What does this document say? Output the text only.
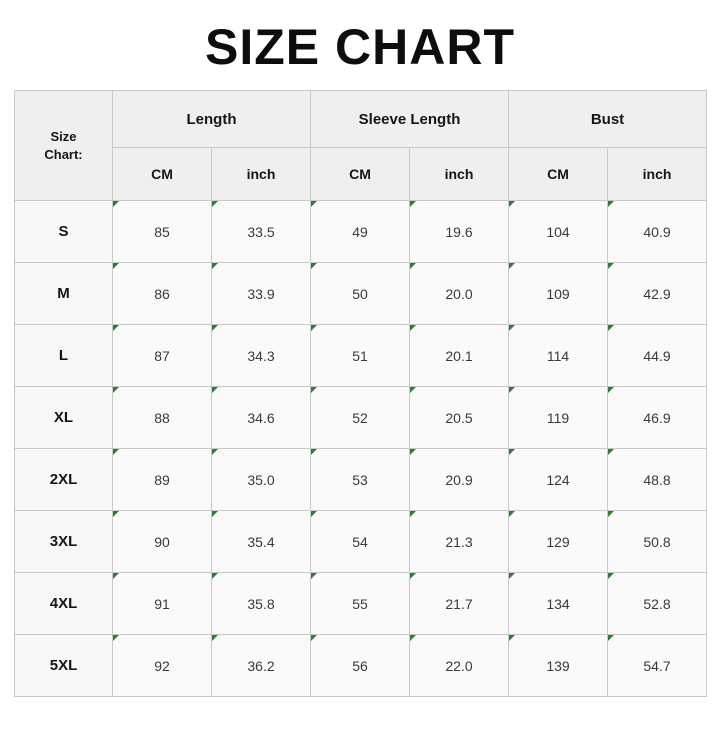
SIZE CHART
Size
Chart:	Length		Sleeve Length		Bust	
	CM	inch	CM	inch	CM	inch
S	85	33.5	49	19.6	104	40.9
M	86	33.9	50	20.0	109	42.9
L	87	34.3	51	20.1	114	44.9
XL	88	34.6	52	20.5	119	46.9
2XL	89	35.0	53	20.9	124	48.8
3XL	90	35.4	54	21.3	129	50.8
4XL	91	35.8	55	21.7	134	52.8
5XL	92	36.2	56	22.0	139	54.7
